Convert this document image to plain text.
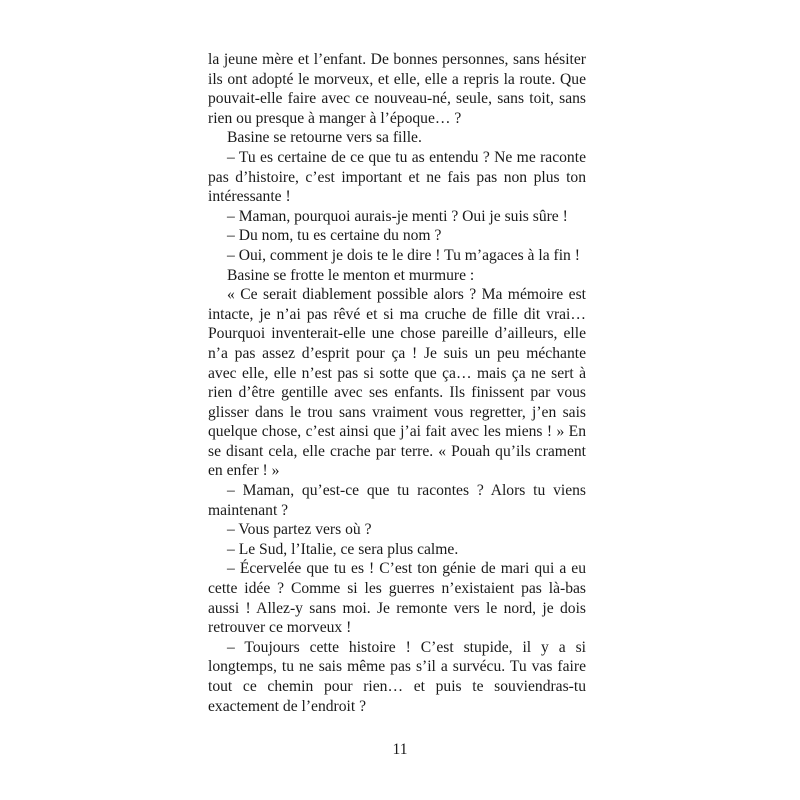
la jeune mère et l’enfant. De bonnes personnes, sans hésiter ils ont adopté le morveux, et elle, elle a repris la route. Que pouvait-elle faire avec ce nouveau-né, seule, sans toit, sans rien ou presque à manger à l’époque… ?

Basine se retourne vers sa fille.

– Tu es certaine de ce que tu as entendu ? Ne me raconte pas d’histoire, c’est important et ne fais pas non plus ton intéressante !

– Maman, pourquoi aurais-je menti ? Oui je suis sûre !

– Du nom, tu es certaine du nom ?

– Oui, comment je dois te le dire ! Tu m’agaces à la fin !

Basine se frotte le menton et murmure :

« Ce serait diablement possible alors ? Ma mémoire est intacte, je n’ai pas rêvé et si ma cruche de fille dit vrai… Pourquoi inventerait-elle une chose pareille d’ailleurs, elle n’a pas assez d’esprit pour ça ! Je suis un peu méchante avec elle, elle n’est pas si sotte que ça… mais ça ne sert à rien d’être gentille avec ses enfants. Ils finissent par vous glisser dans le trou sans vraiment vous regretter, j’en sais quelque chose, c’est ainsi que j’ai fait avec les miens ! » En se disant cela, elle crache par terre. « Pouah qu’ils crament en enfer ! »

– Maman, qu’est-ce que tu racontes ? Alors tu viens maintenant ?

– Vous partez vers où ?

– Le Sud, l’Italie, ce sera plus calme.

– Écervelée que tu es ! C’est ton génie de mari qui a eu cette idée ? Comme si les guerres n’existaient pas là-bas aussi ! Allez-y sans moi. Je remonte vers le nord, je dois retrouver ce morveux !

– Toujours cette histoire ! C’est stupide, il y a si longtemps, tu ne sais même pas s’il a survécu. Tu vas faire tout ce chemin pour rien… et puis te souviendras-tu exactement de l’endroit ?

11
